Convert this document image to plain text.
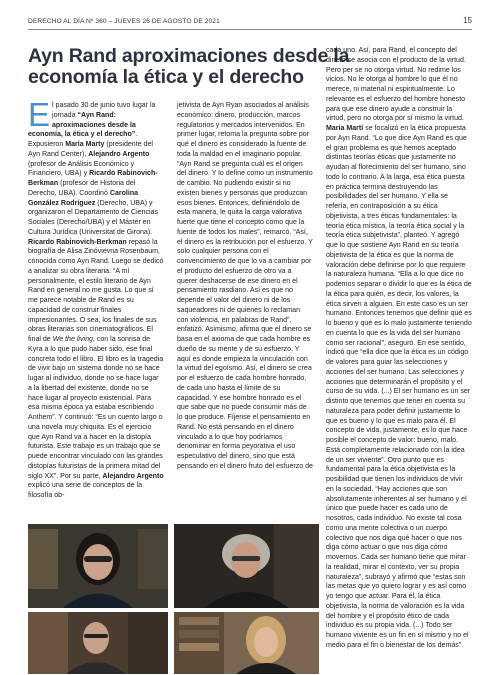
DERECHO AL DÍA Nº 360 – JUEVES 26 DE AGOSTO DE 2021	15
Ayn Rand aproximaciones desde la economía la ética y el derecho
E l pasado 30 de junio tuvo lugar la jornada “Ayn Rand: aproximaciones desde la economía, la ética y el derecho”. Expusieron María Marty (presidente del Ayn Rand Center), Alejandro Argento (profesor de Análisis Económico y Financiero, UBA) y Ricardo Rabinovich-Berkman (profesor de Historia del Derecho, UBA). Coordinó Carolina González Rodríguez (Derecho, UBA) y organizaron el Departamento de Ciencias Sociales (Derecho/UBA) y el Máster en Cultura Jurídica (Universitat de Girona).
Ricardo Rabinovich-Berkman repasó la biografía de Alisa Zinóvievna Rosenbaum, conocida como Ayn Rand. Luego se dedicó a analizar su obra literaria. “A mí personalmente, el estilo literario de Ayn Rand en general no me gusta. Lo que sí me parece notable de Rand es su capacidad de construir finales impresionantes. O sea, los finales de sus obras literarias son cinematográficos. El final de We the living, con la sonrisa de Kyra a lo que pudo haber sido, ese final concreta todo el libro. El libro es la tragedia de vivir bajo un sistema donde no se hace lugar al individuo, donde no se hace lugar a la libertad del existente, donde no se hace lugar al proyecto existencial. Para esa misma época ya estaba escribiendo Anthem”. Y continuó: “Es un cuento largo o una novela muy chiquita. Es el ejercicio que Ayn Rand va a hacer en la distopía futurista. Este trabajo es un trabajo que se puede encontrar vinculado con las grandes distopías futuristas de la primera mitad del siglo XX”. Por su parte, Alejandro Argento explicó una serie de conceptos de la filosofía ob-

jetivista de Ayn Ryan asociados al análisis económico: dinero, producción, marcos regulatorios y mercados intervenidos. En primer lugar, retoma la pregunta sobre por qué el dinero es considerado la fuente de toda la maldad en el imaginario popular. “Ayn Rand se pregunta cuál es el origen del dinero. Y lo define como un instrumento de cambio. No pudiendo existir si no existen bienes y personas que produzcan esos bienes. Entonces, definiéndolo de esta manera, le quita la carga valorativa fuerte que tiene el concepto como que la fuente de todos los males”, remarcó. “Así, el dinero es la retribución por el esfuerzo. Y solo cualquier persona con el convencimiento de que lo va a cambiar por el producto del esfuerzo de otro va a querer deshacerse de ese dinero en el pensamiento rasdiano. Así es que no depende el valor del dinero ni de los saqueadores ni de quienes lo reclaman con violencia, en palabras de Rand”, enfatizó. Asimismo, afirma que el dinero se basa en el axioma de que cada hombre es dueño de su mente y de su esfuerzo. Y aquí es donde empieza la vinculación con la virtud del egoísmo. Así, el dinero se crea por el esfuerzo de cada hombre honrado, de cada uno hasta el límite de su capacidad. Y ese hombre honrado es el que sabe que no puede consumir más de lo que produce. Fíjense el pensamiento en Rand. No está pensando en el dinero vinculado a lo que hoy podríamos denominar en forma peyorativa el uso especulativo del dinero, sino que está pensando en el dinero fruto del esfuerzo de

cada uno. Así, para Rand, el concepto del dinero se asocia con el producto de la virtud. Pero per se no otorga virtud. No redime los vicios. No le otorga al hombre lo que él no merece, ni material ni espiritualmente. Lo relevante es el esfuerzo del hombre honesto para que ese dinero ayude a construir la virtud, pero no otorga por sí mismo la virtud.
María Martí se focalizó en la ética propuesta por Ayn Rand. “Lo que dice Ayn Rand es que el gran problema es que hemos aceptado distintas teorías éticas que justamente no ayudan al florecimiento del ser humano, sino todo lo contrario. A la larga, esa ética puesta en práctica termina destruyendo las posibilidades del ser humano. Y ella se refería, en contraposición a su ética objetivista, a tres éticas fundamentales: la teoría ética mística, la teoría ética social y la teoría ética subjetivista”, planteó. Y agregó que lo que sostiene Ayn Rand en su teoría objetivista de la ética es que la norma de valoración debe definirse por lo que requiere la naturaleza humana. “Ella a lo que dice no podemos separar o dividir lo que es la ética de la ética para quién, es decir, los valores, la ética sirven a alguien. En este caso es un ser humano. Entonces tenemos que definir qué es lo bueno y qué es lo malo justamente teniendo en cuenta lo que es la vida del ser humano como ser racional”, aseguró. En ese sentido, indicó que “ella dice que la ética es un código de valores para guiar las selecciones y acciones del ser humano. Las selecciones y acciones que determinarán el propósito y el curso de su vida. (...) El ser humano es un ser distinto que tenemos que tener en cuenta su naturaleza para poder definir justamente lo que es bueno y lo que es malo para él. El concepto de vida, justamente, es lo que hace posible el concepto de valor: bueno, malo. Está completamente relacionado con la idea de un ser viviente”. Otro punto que es fundamental para la ética objetivista es la posibilidad que tienen los individuos de vivir en la sociedad. “Hay acciones que son absolutamente inherentes al ser humano y el único que puede hacer es cada uno de nosotros, cada individuo. No existe tal cosa como una mente colectiva o un cuerpo colectivo que nos diga qué hacer o que nos diga cómo actuar o que nos diga cómo movernos. Cada ser humano tiene que mirar la realidad, mirar el contexto, ver su propia naturaleza”, subrayó y afirmó que “estas son las metas que yo quiero lograr y es así como yo tengo que actuar. Para él, la ética objetivista, la norma de valoración es la vida del hombre y el propósito ético de cada individuo es su propia vida. (...) Todo ser humano viviente es un fin en sí mismo y no el medio para el fin o bienestar de los demás”.
